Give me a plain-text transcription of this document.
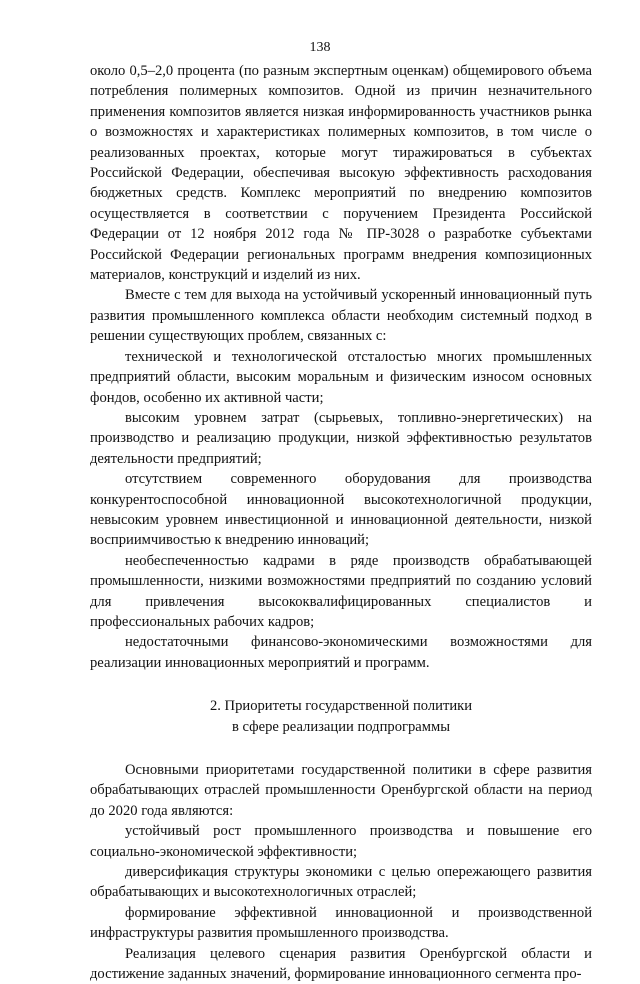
138

около 0,5–2,0 процента (по разным экспертным оценкам) общемирового объема потребления полимерных композитов. Одной из причин незначительного применения композитов является низкая информированность участников рынка о возможностях и характеристиках полимерных композитов, в том числе о реализованных проектах, которые могут тиражироваться в субъектах Российской Федерации, обеспечивая высокую эффективность расходования бюджетных средств. Комплекс мероприятий по внедрению композитов осуществляется в соответствии с поручением Президента Российской Федерации от 12 ноября 2012 года № ПР-3028 о разработке субъектами Российской Федерации региональных программ внедрения композиционных материалов, конструкций и изделий из них.

Вместе с тем для выхода на устойчивый ускоренный инновационный путь развития промышленного комплекса области необходим системный подход в решении существующих проблем, связанных с:

технической и технологической отсталостью многих промышленных предприятий области, высоким моральным и физическим износом основных фондов, особенно их активной части;

высоким уровнем затрат (сырьевых, топливно-энергетических) на производство и реализацию продукции, низкой эффективностью результатов деятельности предприятий;

отсутствием современного оборудования для производства конкурентоспособной инновационной высокотехнологичной продукции, невысоким уровнем инвестиционной и инновационной деятельности, низкой восприимчивостью к внедрению инноваций;

необеспеченностью кадрами в ряде производств обрабатывающей промышленности, низкими возможностями предприятий по созданию условий для привлечения высококвалифицированных специалистов и профессиональных рабочих кадров;

недостаточными финансово-экономическими возможностями для реализации инновационных мероприятий и программ.

2. Приоритеты государственной политики
в сфере реализации подпрограммы

Основными приоритетами государственной политики в сфере развития обрабатывающих отраслей промышленности Оренбургской области на период до 2020 года являются:

устойчивый рост промышленного производства и повышение его социально-экономической эффективности;

диверсификация структуры экономики с целью опережающего развития обрабатывающих и высокотехнологичных отраслей;

формирование эффективной инновационной и производственной инфраструктуры развития промышленного производства.

Реализация целевого сценария развития Оренбургской области и достижение заданных значений, формирование инновационного сегмента про-
